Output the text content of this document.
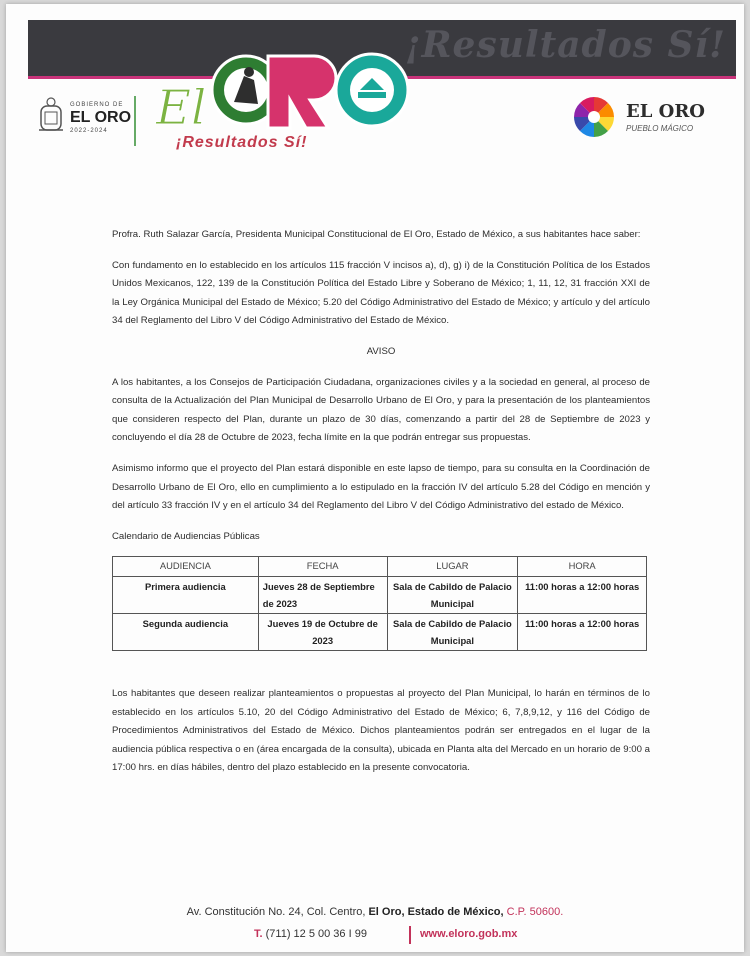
¡Resultados Sí!
GOBIERNO DE
EL ORO
2022-2024 El
¡Resultados Sí!
EL ORO
PUEBLO MÁGICO

Profra. Ruth Salazar García, Presidenta Municipal Constitucional de El Oro, Estado de México, a sus habitantes hace saber:

Con fundamento en lo establecido en los artículos 115 fracción V incisos a), d), g) i) de la Constitución Política de los Estados Unidos Mexicanos, 122, 139 de la Constitución Política del Estado Libre y Soberano de México; 1, 11, 12, 31 fracción XXI de la Ley Orgánica Municipal del Estado de México; 5.20 del Código Administrativo del Estado de México; y artículo y del artículo 34 del Reglamento del Libro V del Código Administrativo del Estado de México.

AVISO

A los habitantes, a los Consejos de Participación Ciudadana, organizaciones civiles y a la sociedad en general, al proceso de consulta de la Actualización del Plan Municipal de Desarrollo Urbano de El Oro, y para la presentación de los planteamientos que consideren respecto del Plan, durante un plazo de 30 días, comenzando a partir del 28 de Septiembre de 2023 y concluyendo el día 28 de Octubre de 2023, fecha límite en la que podrán entregar sus propuestas.

Asimismo informo que el proyecto del Plan estará disponible en este lapso de tiempo, para su consulta en la Coordinación de Desarrollo Urbano de El Oro, ello en cumplimiento a lo estipulado en la fracción IV del artículo 5.28 del Código en mención y del artículo 33 fracción IV y en el artículo 34 del Reglamento del Libro V del Código Administrativo del estado de México.

Calendario de Audiencias Públicas
AUDIENCIA	FECHA	LUGAR	HORA
Primera audiencia	Jueves 28 de Septiembre de 2023	Sala de Cabildo de Palacio Municipal	11:00 horas a 12:00 horas
Segunda audiencia	Jueves 19 de Octubre de 2023	Sala de Cabildo de Palacio Municipal	11:00 horas a 12:00 horas

Los habitantes que deseen realizar planteamientos o propuestas al proyecto del Plan Municipal, lo harán en términos de lo establecido en los artículos 5.10, 20 del Código Administrativo del Estado de México; 6, 7,8,9,12, y 116 del Código de Procedimientos Administrativos del Estado de México. Dichos planteamientos podrán ser entregados en el lugar de la audiencia pública respectiva o en (área encargada de la consulta), ubicada en Planta alta del Mercado en un horario de 9:00 a 17:00 hrs. en días hábiles, dentro del plazo establecido en la presente convocatoria.

Av. Constitución No. 24, Col. Centro, El Oro, Estado de México, C.P. 50600.
T. (711) 12 5 00 36 I 99	www.eloro.gob.mx
